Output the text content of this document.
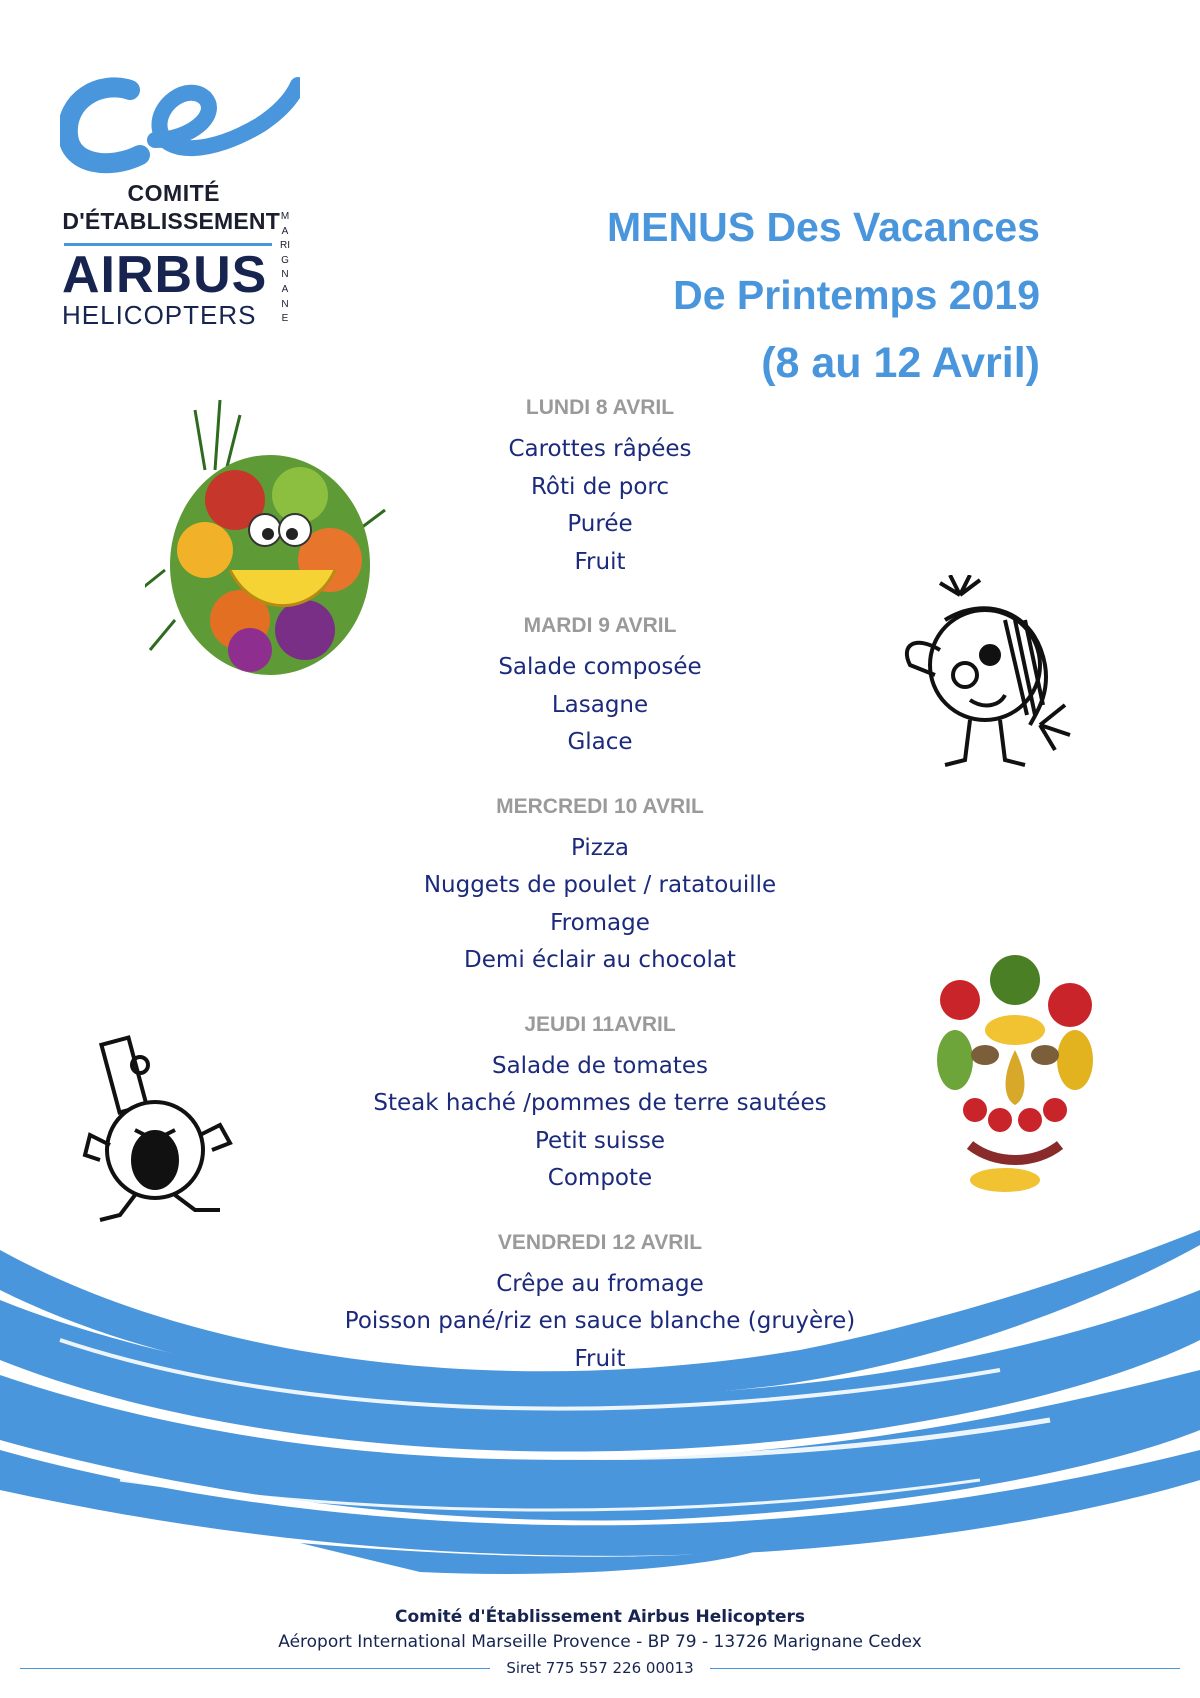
COMITÉ
D'ÉTABLISSEMENT
AIRBUS
HELICOPTERS
MARIGNANE
MENUS Des Vacances
De Printemps 2019
(8 au 12 Avril)
LUNDI 8 AVRIL
Carottes râpées
Rôti de porc
Purée
Fruit
MARDI 9 AVRIL
Salade composée
Lasagne
Glace
MERCREDI 10 AVRIL
Pizza
Nuggets de poulet / ratatouille
Fromage
Demi éclair au chocolat
JEUDI 11AVRIL
Salade de tomates
Steak haché /pommes de terre sautées
Petit suisse
Compote
VENDREDI 12 AVRIL
Crêpe au fromage
Poisson pané/riz en sauce blanche (gruyère)
Fruit
Comité d'Établissement Airbus Helicopters
Aéroport International Marseille Provence - BP 79 - 13726 Marignane Cedex
Siret 775 557 226 00013
